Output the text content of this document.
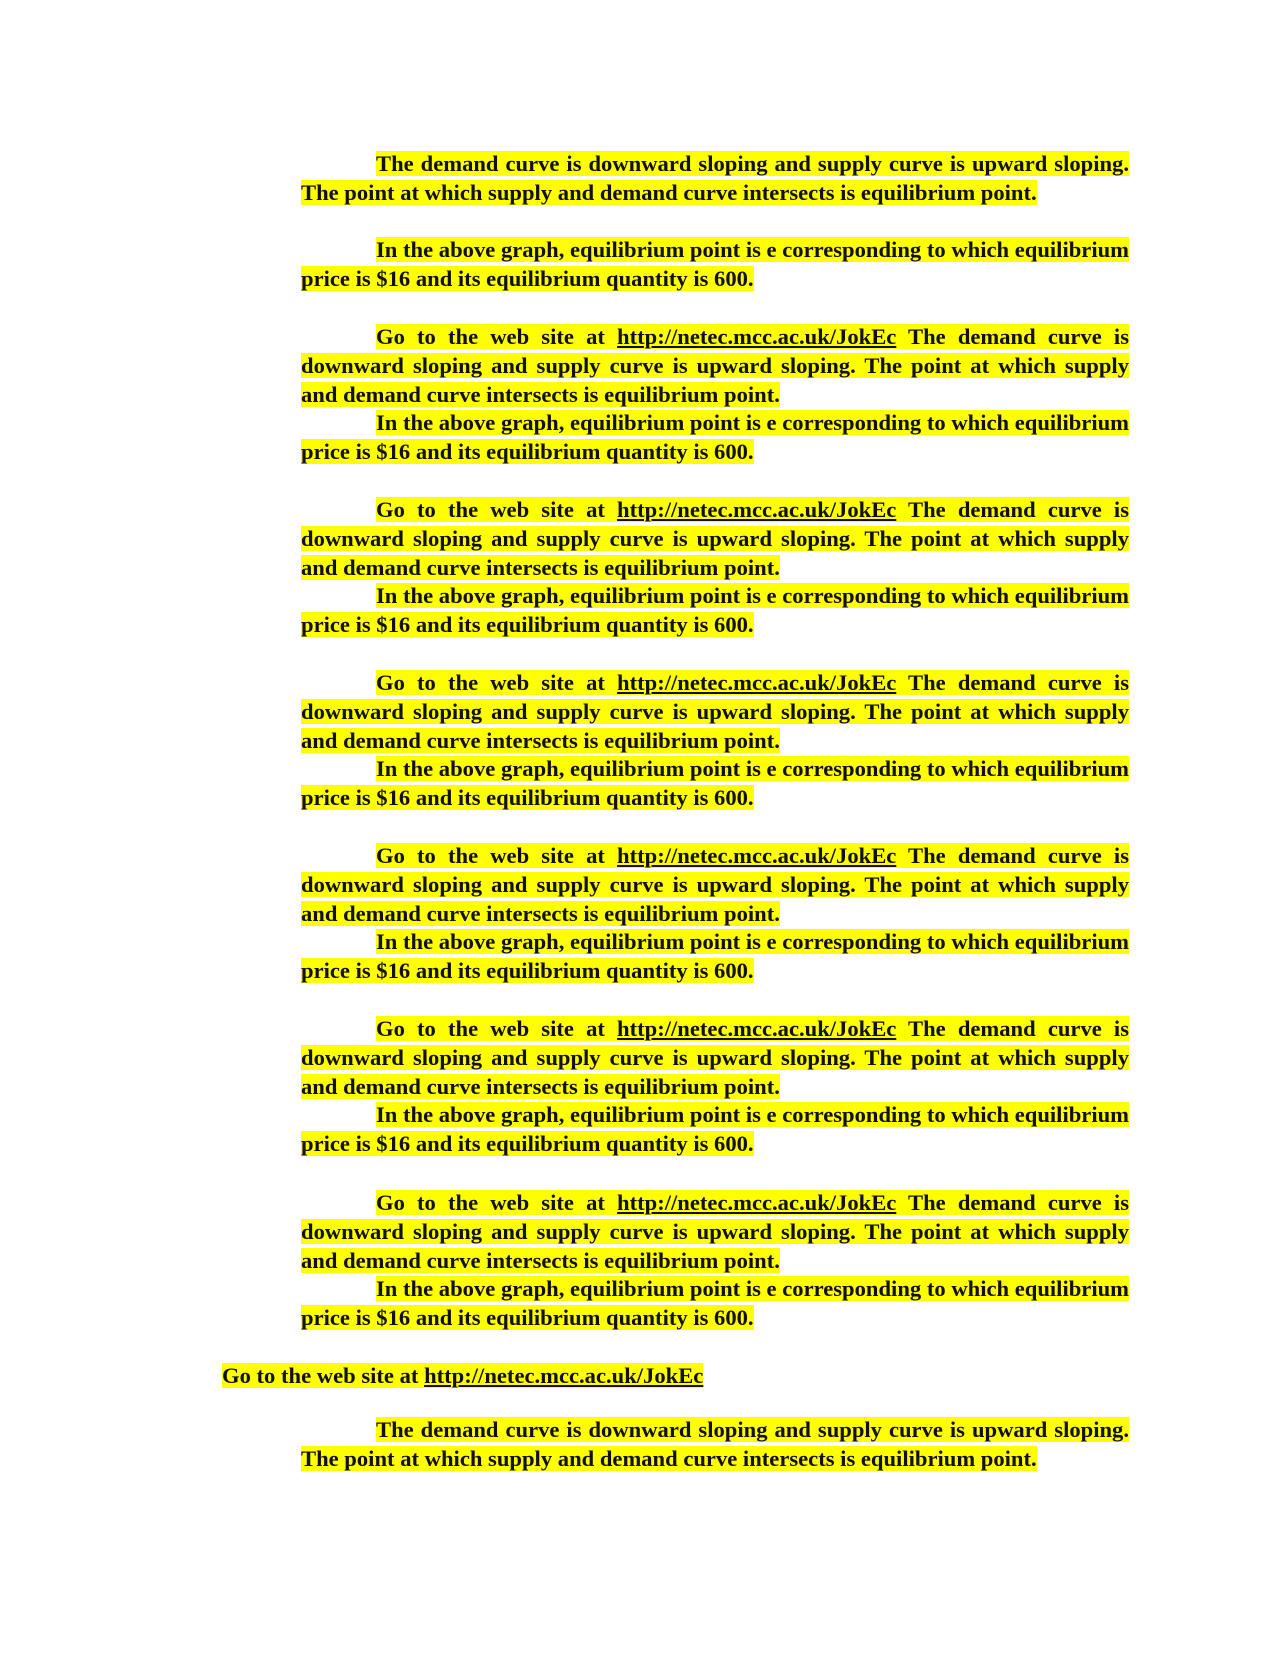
The demand curve is downward sloping and supply curve is upward sloping. The point at which supply and demand curve intersects is equilibrium point.

In the above graph, equilibrium point is e corresponding to which equilibrium price is $16 and its equilibrium quantity is 600.

Go to the web site at http://netec.mcc.ac.uk/JokEc The demand curve is downward sloping and supply curve is upward sloping. The point at which supply and demand curve intersects is equilibrium point.

In the above graph, equilibrium point is e corresponding to which equilibrium price is $16 and its equilibrium quantity is 600.

Go to the web site at http://netec.mcc.ac.uk/JokEc The demand curve is downward sloping and supply curve is upward sloping. The point at which supply and demand curve intersects is equilibrium point.

In the above graph, equilibrium point is e corresponding to which equilibrium price is $16 and its equilibrium quantity is 600.

Go to the web site at http://netec.mcc.ac.uk/JokEc The demand curve is downward sloping and supply curve is upward sloping. The point at which supply and demand curve intersects is equilibrium point.

In the above graph, equilibrium point is e corresponding to which equilibrium price is $16 and its equilibrium quantity is 600.

Go to the web site at http://netec.mcc.ac.uk/JokEc The demand curve is downward sloping and supply curve is upward sloping. The point at which supply and demand curve intersects is equilibrium point.

In the above graph, equilibrium point is e corresponding to which equilibrium price is $16 and its equilibrium quantity is 600.

Go to the web site at http://netec.mcc.ac.uk/JokEc The demand curve is downward sloping and supply curve is upward sloping. The point at which supply and demand curve intersects is equilibrium point.

In the above graph, equilibrium point is e corresponding to which equilibrium price is $16 and its equilibrium quantity is 600.

Go to the web site at http://netec.mcc.ac.uk/JokEc The demand curve is downward sloping and supply curve is upward sloping. The point at which supply and demand curve intersects is equilibrium point.

In the above graph, equilibrium point is e corresponding to which equilibrium price is $16 and its equilibrium quantity is 600.

Go to the web site at http://netec.mcc.ac.uk/JokEc

The demand curve is downward sloping and supply curve is upward sloping. The point at which supply and demand curve intersects is equilibrium point.
